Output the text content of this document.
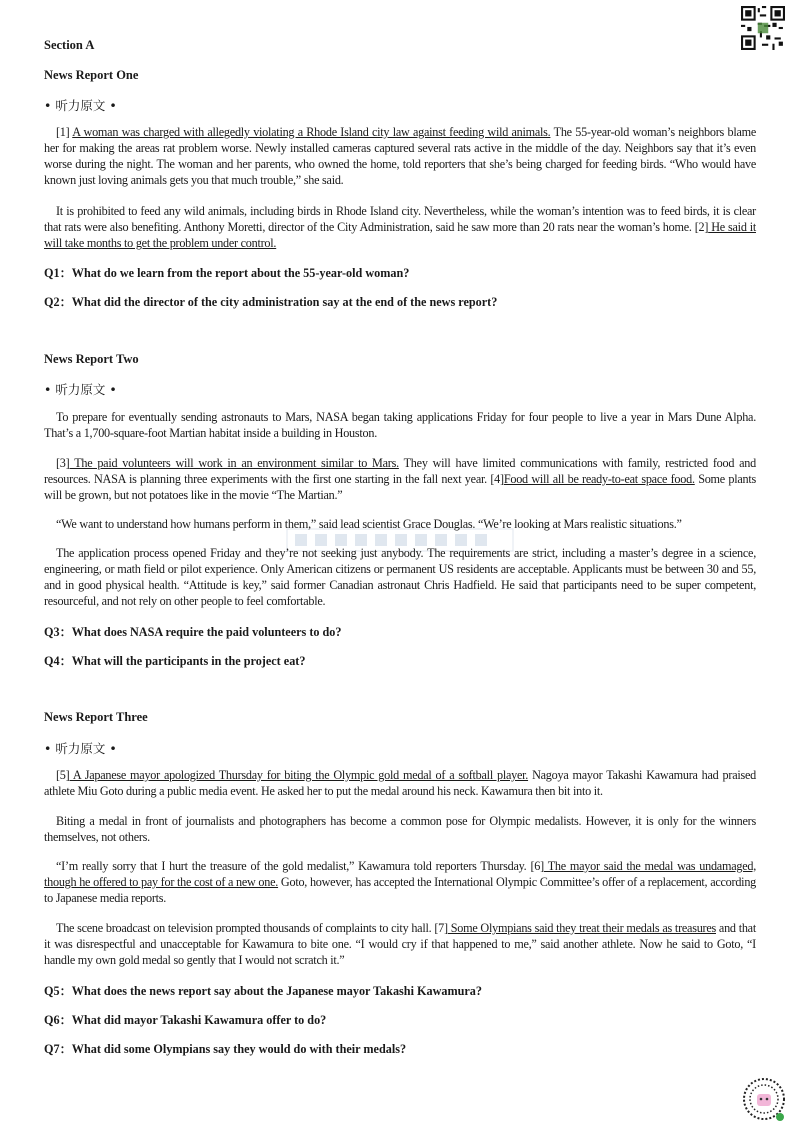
Section A
News Report One
• 听力原文 •
[1] A woman was charged with allegedly violating a Rhode Island city law against feeding wild animals. The 55-year-old woman’s neighbors blame her for making the areas rat problem worse. Newly installed cameras captured several rats active in the middle of the day. Neighbors say that it’s even worse during the night. The woman and her parents, who owned the home, told reporters that she’s being charged for feeding birds. “Who would have known just loving animals gets you that much trouble,” she said.
It is prohibited to feed any wild animals, including birds in Rhode Island city. Nevertheless, while the woman’s intention was to feed birds, it is clear that rats were also benefiting. Anthony Moretti, director of the City Administration, said he saw more than 20 rats near the woman’s home. [2] He said it will take months to get the problem under control.
Q1：What do we learn from the report about the 55-year-old woman?
Q2：What did the director of the city administration say at the end of the news report?
News Report Two
• 听力原文 •
To prepare for eventually sending astronauts to Mars, NASA began taking applications Friday for four people to live a year in Mars Dune Alpha. That’s a 1,700-square-foot Martian habitat inside a building in Houston.
[3] The paid volunteers will work in an environment similar to Mars. They will have limited communications with family, restricted food and resources. NASA is planning three experiments with the first one starting in the fall next year. [4]Food will all be ready-to-eat space food. Some plants will be grown, but not potatoes like in the movie “The Martian.”
“We want to understand how humans perform in them,” said lead scientist Grace Douglas. “We’re looking at Mars realistic situations.”
The application process opened Friday and they’re not seeking just anybody. The requirements are strict, including a master’s degree in a science, engineering, or math field or pilot experience. Only American citizens or permanent US residents are acceptable. Applicants must be between 30 and 55, and in good physical health. “Attitude is key,” said former Canadian astronaut Chris Hadfield. He said that participants need to be super competent, resourceful, and not rely on other people to feel comfortable.
Q3：What does NASA require the paid volunteers to do?
Q4：What will the participants in the project eat?
News Report Three
• 听力原文 •
[5] A Japanese mayor apologized Thursday for biting the Olympic gold medal of a softball player. Nagoya mayor Takashi Kawamura had praised athlete Miu Goto during a public media event. He asked her to put the medal around his neck. Kawamura then bit into it.
Biting a medal in front of journalists and photographers has become a common pose for Olympic medalists. However, it is only for the winners themselves, not others.
“I’m really sorry that I hurt the treasure of the gold medalist,” Kawamura told reporters Thursday. [6] The mayor said the medal was undamaged, though he offered to pay for the cost of a new one. Goto, however, has accepted the International Olympic Committee’s offer of a replacement, according to Japanese media reports.
The scene broadcast on television prompted thousands of complaints to city hall. [7] Some Olympians said they treat their medals as treasures and that it was disrespectful and unacceptable for Kawamura to bite one. “I would cry if that happened to me,” said another athlete. Now he said to Goto, “I handle my own gold medal so gently that I would not scratch it.”
Q5：What does the news report say about the Japanese mayor Takashi Kawamura?
Q6：What did mayor Takashi Kawamura offer to do?
Q7：What did some Olympians say they would do with their medals?
